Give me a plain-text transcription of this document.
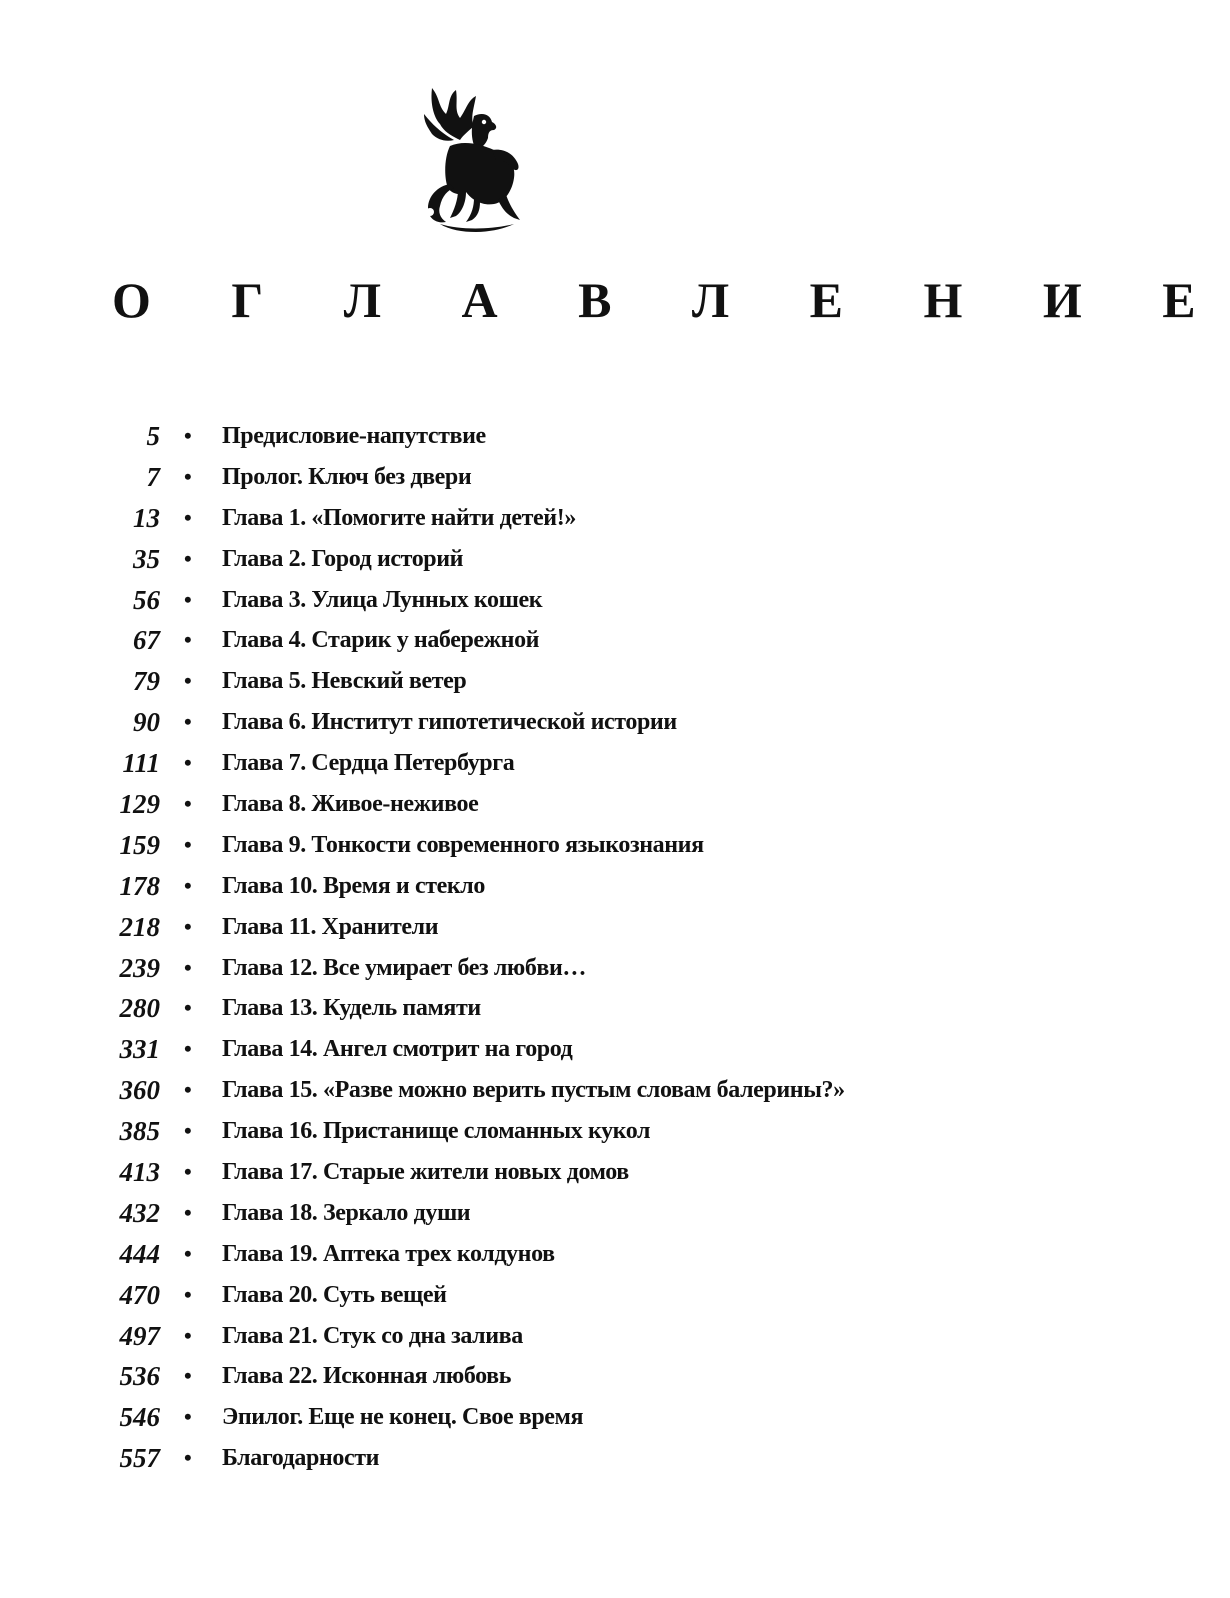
О Г Л А В Л Е Н И Е
5 • Предисловие-напутствие
7 • Пролог. Ключ без двери
13 • Глава 1. «Помогите найти детей!»
35 • Глава 2. Город историй
56 • Глава 3. Улица Лунных кошек
67 • Глава 4. Старик у набережной
79 • Глава 5. Невский ветер
90 • Глава 6. Институт гипотетической истории
111 • Глава 7. Сердца Петербурга
129 • Глава 8. Живое-неживое
159 • Глава 9. Тонкости современного языкознания
178 • Глава 10. Время и стекло
218 • Глава 11. Хранители
239 • Глава 12. Все умирает без любви…
280 • Глава 13. Кудель памяти
331 • Глава 14. Ангел смотрит на город
360 • Глава 15. «Разве можно верить пустым словам балерины?»
385 • Глава 16. Пристанище сломанных кукол
413 • Глава 17. Старые жители новых домов
432 • Глава 18. Зеркало души
444 • Глава 19. Аптека трех колдунов
470 • Глава 20. Суть вещей
497 • Глава 21. Стук со дна залива
536 • Глава 22. Исконная любовь
546 • Эпилог. Еще не конец. Свое время
557 • Благодарности
